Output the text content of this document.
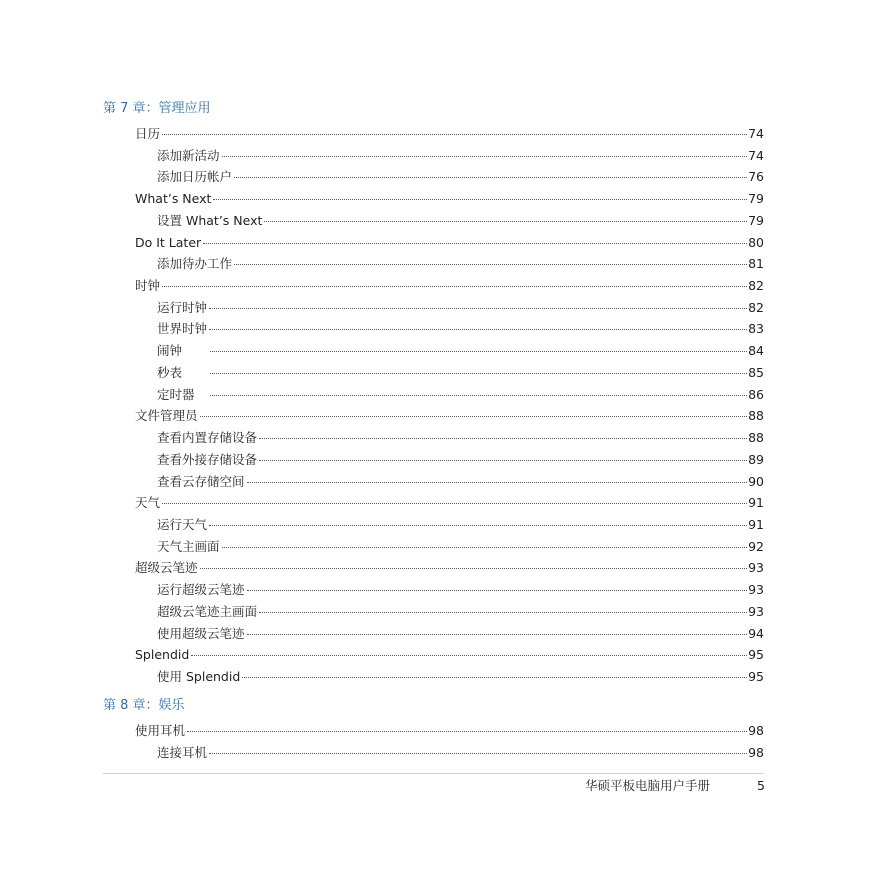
第 7 章：管理应用
第 8 章：娱乐
日历	74
添加新活动	74
添加日历帐户	76
What’s Next	79
设置 What’s Next	79
Do It Later	80
添加待办工作	81
时钟	82
运行时钟	82
世界时钟	83
闹钟	84
秒表	85
定时器	86
文件管理员	88
查看内置存储设备	88
查看外接存储设备	89
查看云存储空间	90
天气	91
运行天气	91
天气主画面	92
超级云笔迹	93
运行超级云笔迹	93
超级云笔迹主画面	93
使用超级云笔迹	94
Splendid	95
使用 Splendid	95
使用耳机	98
连接耳机	98
华硕平板电脑用户手册	5
